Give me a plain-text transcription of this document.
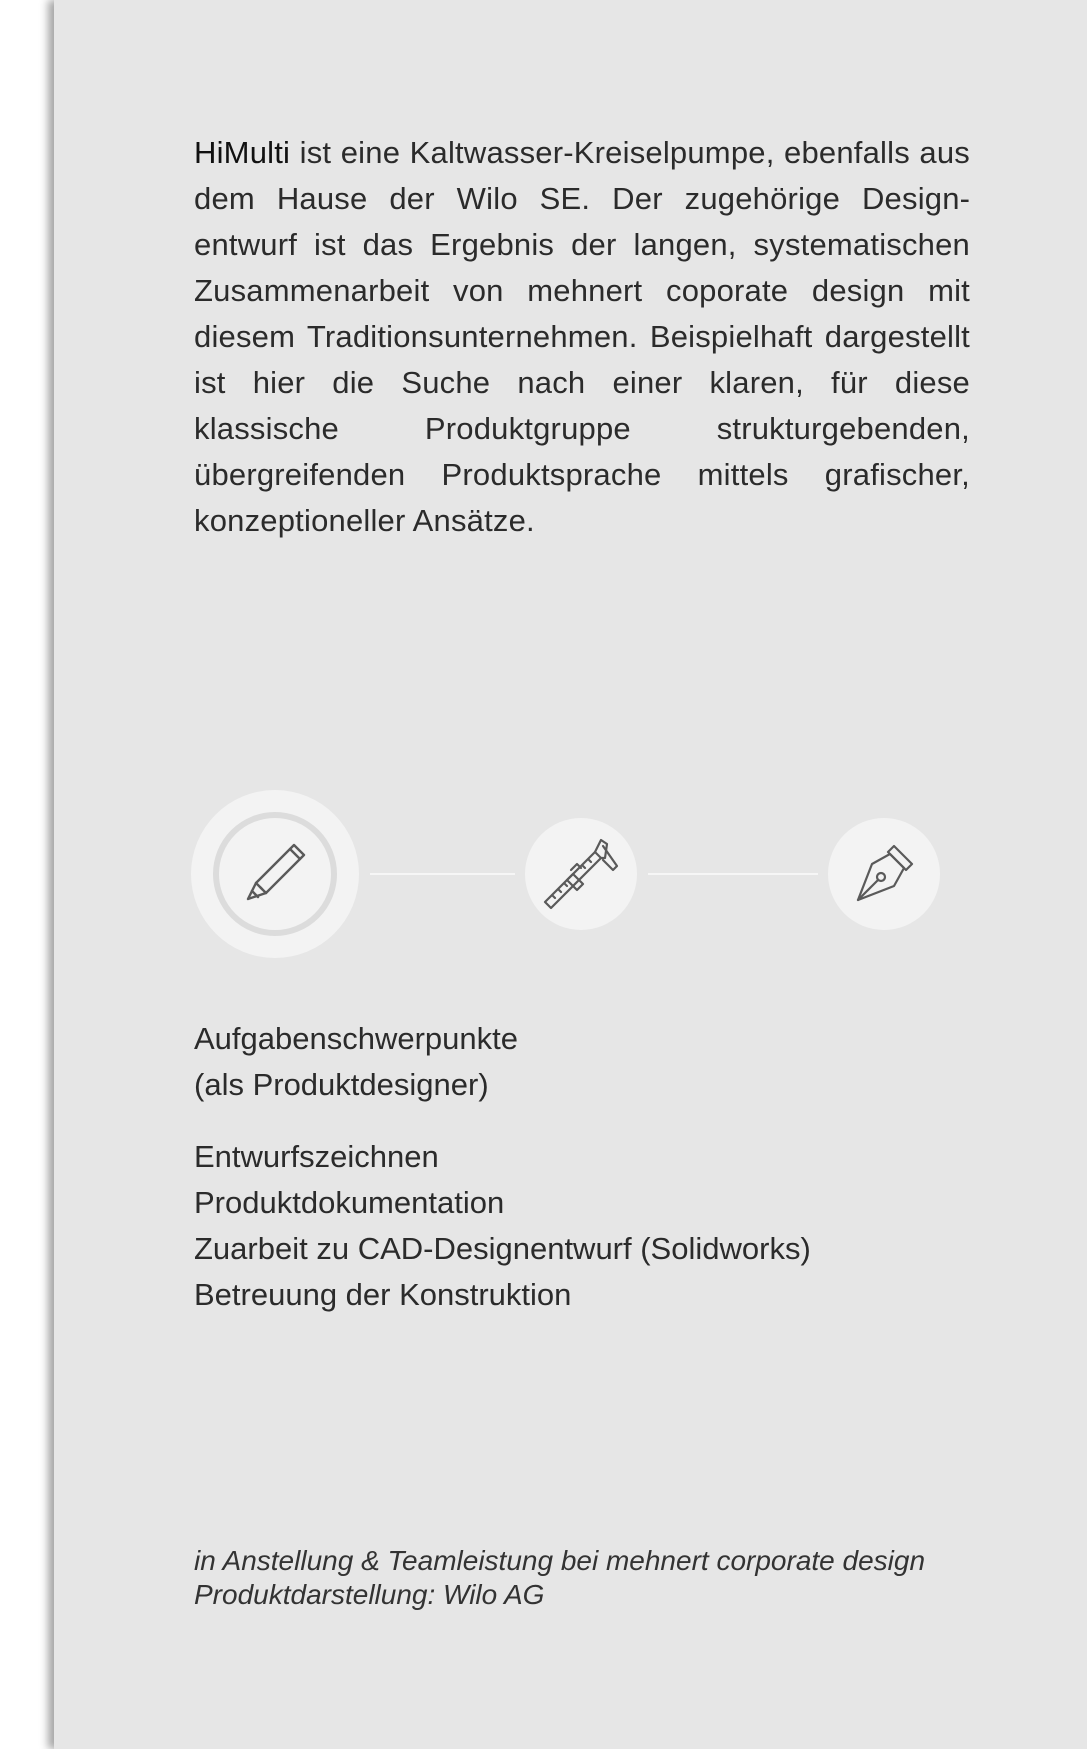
HiMulti ist eine Kaltwasser-Kreiselpumpe, ebenfalls aus dem Hause der Wilo SE. Der zugehörige Designentwurf ist das Ergebnis der langen, systematischen Zusammenarbeit von mehnert coporate design mit diesem Traditionsunternehmen. Beispielhaft dargestellt ist hier die Suche nach einer klaren, für diese klassische Produktgruppe strukturgebenden, übergreifenden Produktsprache mittels grafischer, konzeptioneller Ansätze.

Aufgabenschwerpunkte
(als Produktdesigner)
Entwurfszeichnen
Produktdokumentation
Zuarbeit zu CAD-Designentwurf (Solidworks)
Betreuung der Konstruktion
in Anstellung & Teamleistung bei mehnert corporate design
Produktdarstellung: Wilo AG
